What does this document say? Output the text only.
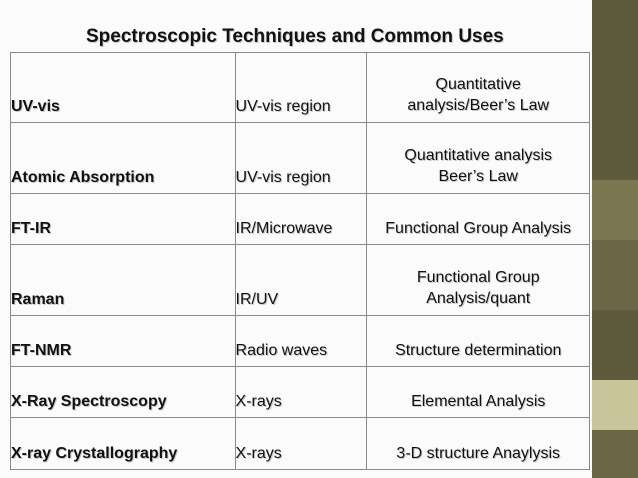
Spectroscopic Techniques and Common Uses
UV-vis	UV-vis region	Quantitative
analysis/Beer’s Law
Atomic Absorption	UV-vis region	Quantitative analysis
Beer’s Law
FT-IR	IR/Microwave	Functional Group Analysis
Raman	IR/UV	Functional Group
Analysis/quant
FT-NMR	Radio waves	Structure determination
X-Ray Spectroscopy	X-rays	Elemental Analysis
X-ray Crystallography	X-rays	3-D structure Anaylysis
